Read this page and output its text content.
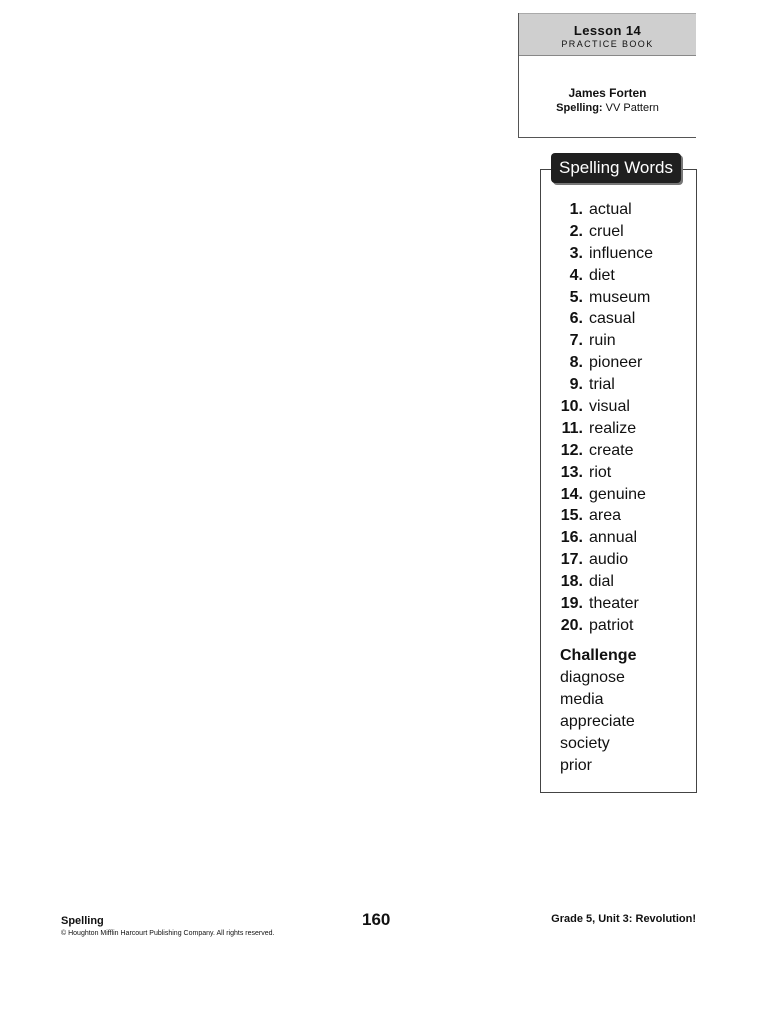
Lesson 14
PRACTICE BOOK
James Forten
Spelling: VV Pattern
Spelling Words
1. actual
2. cruel
3. influence
4. diet
5. museum
6. casual
7. ruin
8. pioneer
9. trial
10. visual
11. realize
12. create
13. riot
14. genuine
15. area
16. annual
17. audio
18. dial
19. theater
20. patriot
Challenge
diagnose
media
appreciate
society
prior
Spelling
© Houghton Mifflin Harcourt Publishing Company. All rights reserved.
160	Grade 5, Unit 3: Revolution!
